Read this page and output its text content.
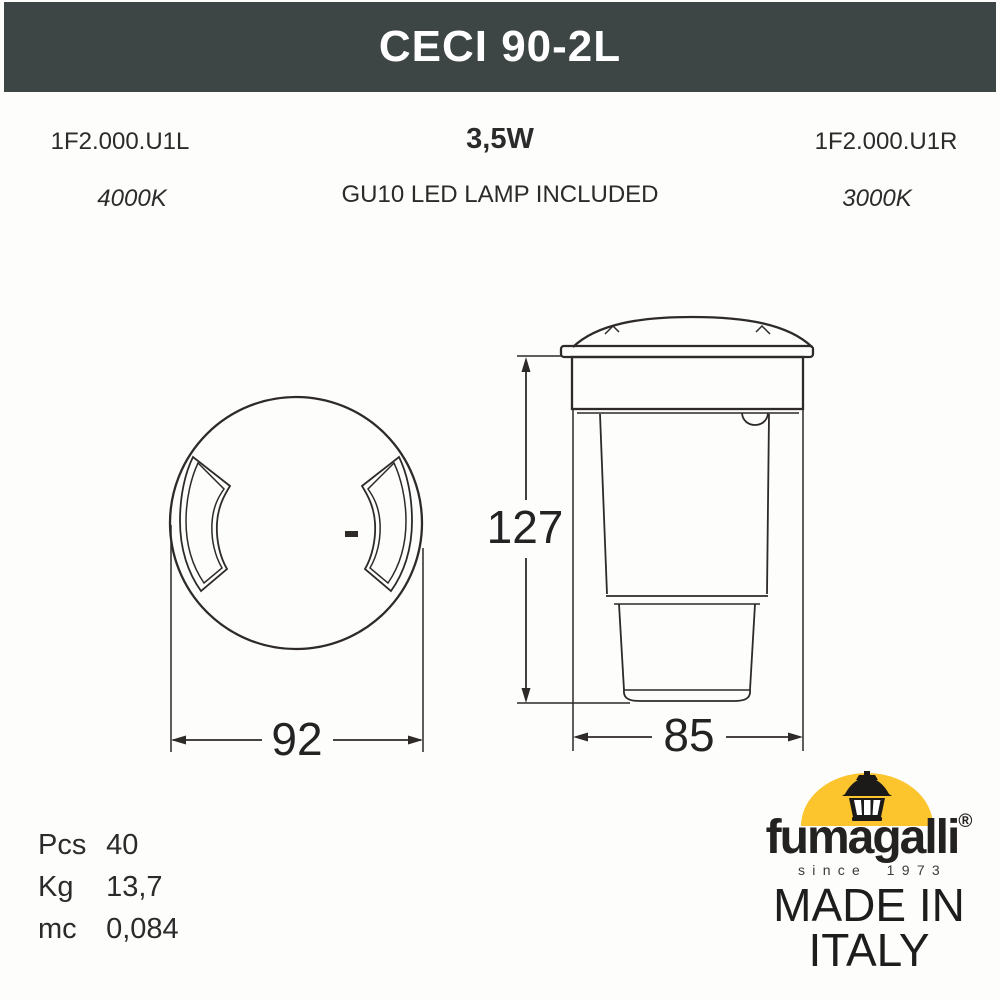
CECI 90-2L
1F2.000.U1L
4000K
3,5W
GU10 LED LAMP INCLUDED
1F2.000.U1R
3000K
92
127
85
Pcs 40
Kg 13,7
mc 0,084
fumagalli®
since 1973
MADE IN
ITALY
